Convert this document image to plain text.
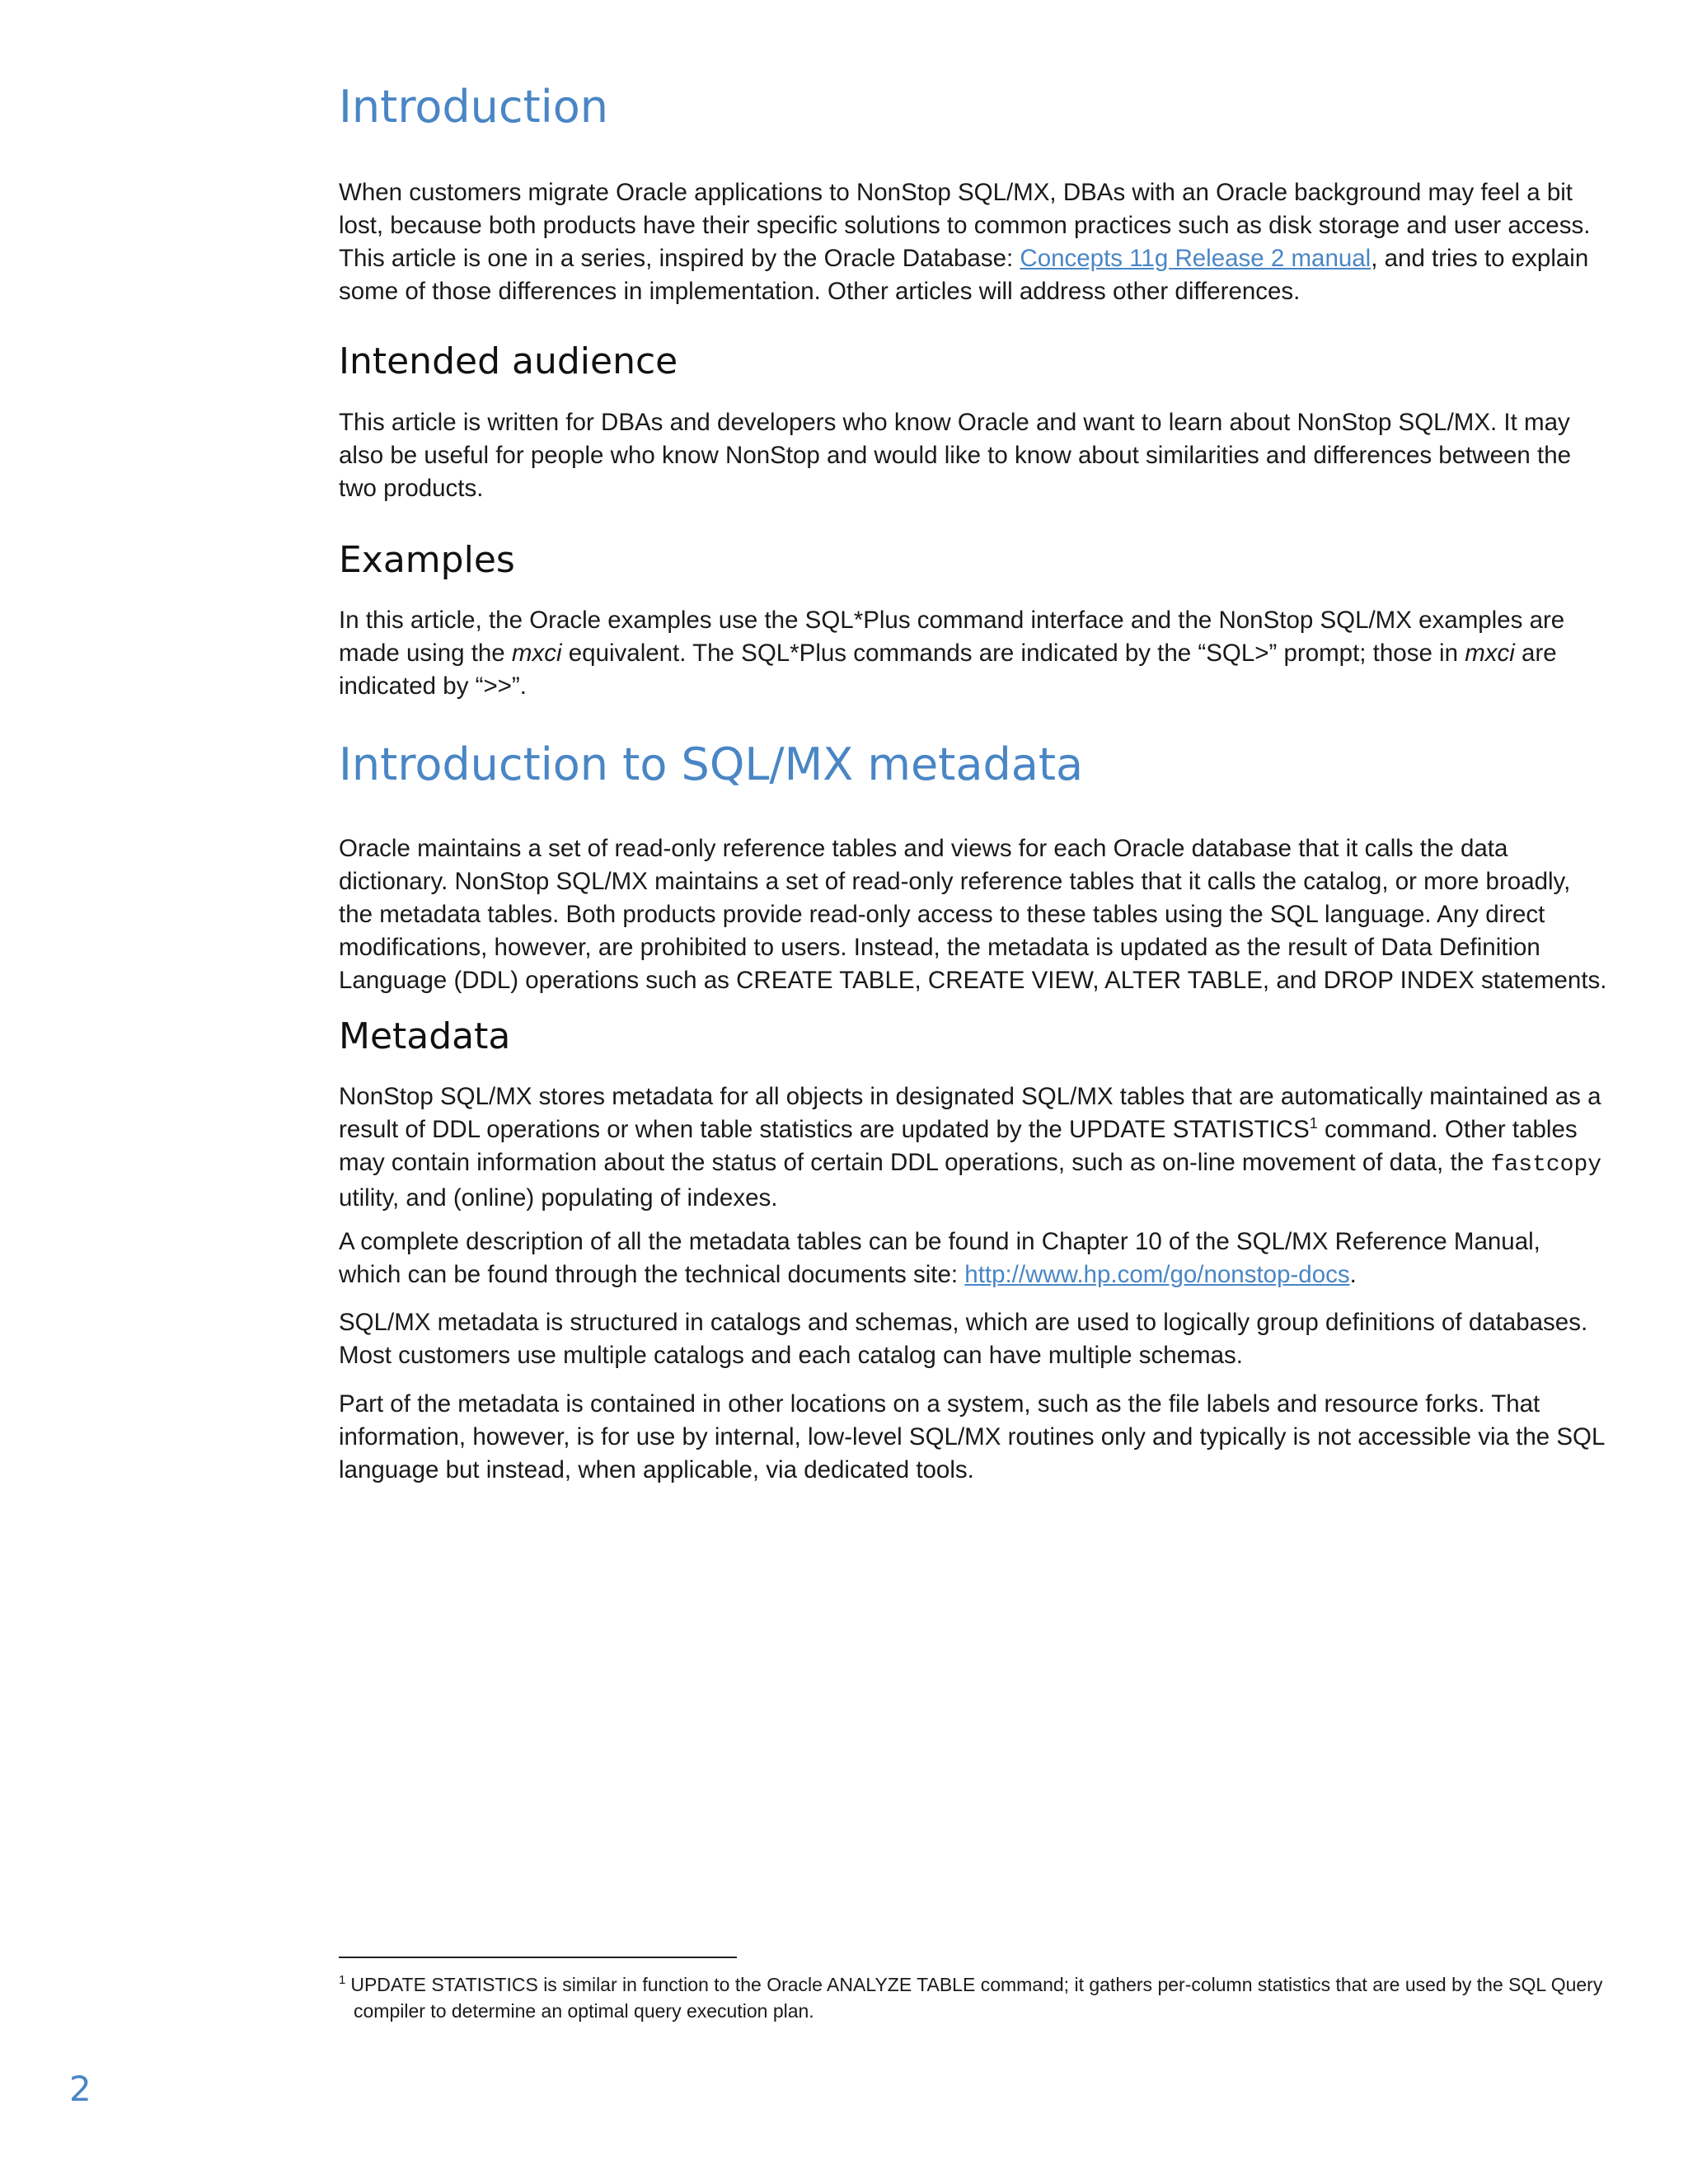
Introduction

When customers migrate Oracle applications to NonStop SQL/MX, DBAs with an Oracle background may feel a bit lost, because both products have their specific solutions to common practices such as disk storage and user access. This article is one in a series, inspired by the Oracle Database: Concepts 11g Release 2 manual, and tries to explain some of those differences in implementation. Other articles will address other differences.

Intended audience

This article is written for DBAs and developers who know Oracle and want to learn about NonStop SQL/MX. It may also be useful for people who know NonStop and would like to know about similarities and differences between the two products.

Examples

In this article, the Oracle examples use the SQL*Plus command interface and the NonStop SQL/MX examples are made using the mxci equivalent. The SQL*Plus commands are indicated by the “SQL>” prompt; those in mxci are indicated by “>>”.

Introduction to SQL/MX metadata

Oracle maintains a set of read-only reference tables and views for each Oracle database that it calls the data dictionary. NonStop SQL/MX maintains a set of read-only reference tables that it calls the catalog, or more broadly, the metadata tables. Both products provide read-only access to these tables using the SQL language. Any direct modifications, however, are prohibited to users. Instead, the metadata is updated as the result of Data Definition Language (DDL) operations such as CREATE TABLE, CREATE VIEW, ALTER TABLE, and DROP INDEX statements.

Metadata

NonStop SQL/MX stores metadata for all objects in designated SQL/MX tables that are automatically maintained as a result of DDL operations or when table statistics are updated by the UPDATE STATISTICS$^1$ command. Other tables may contain information about the status of certain DDL operations, such as on-line movement of data, the fastcopy utility, and (online) populating of indexes.

A complete description of all the metadata tables can be found in Chapter 10 of the SQL/MX Reference Manual, which can be found through the technical documents site: http://www.hp.com/go/nonstop-docs.

SQL/MX metadata is structured in catalogs and schemas, which are used to logically group definitions of databases. Most customers use multiple catalogs and each catalog can have multiple schemas.

Part of the metadata is contained in other locations on a system, such as the file labels and resource forks. That information, however, is for use by internal, low-level SQL/MX routines only and typically is not accessible via the SQL language but instead, when applicable, via dedicated tools.

$^1$ UPDATE STATISTICS is similar in function to the Oracle ANALYZE TABLE command; it gathers per-column statistics that are used by the SQL Query
compiler to determine an optimal query execution plan.
2
